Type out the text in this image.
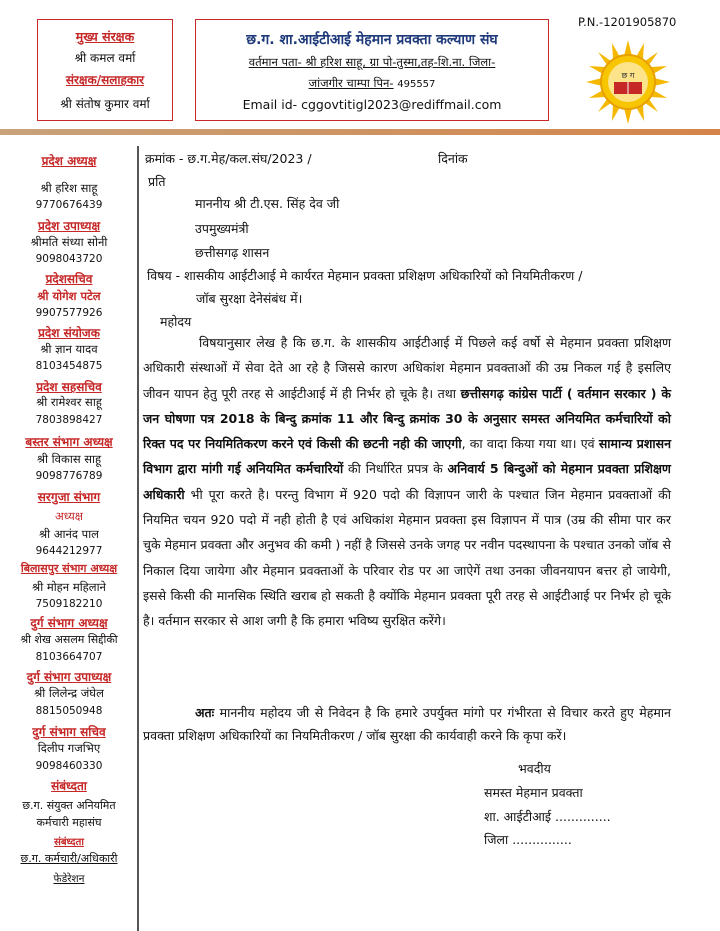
मुख्य संरक्षक
श्री कमल वर्मा
संरक्षक/सलाहकार
श्री संतोष कुमार वर्मा
छ.ग. शा.आईटीआई मेहमान प्रवक्ता कल्याण संघ
वर्तमान पता- श्री हरिश साहू, ग्रा पो-तुस्मा,तह-शि.ना. जिला-
जांजगीर चाम्पा पिन- 495557
Email id- cggovtitigl2023@rediffmail.com
P.N.-1201905870
छ ग
प्रदेश अध्यक्ष
श्री हरिश साहू
9770676439
प्रदेश उपाध्यक्ष
श्रीमति संध्या सोनी
9098043720
प्रदेशसचिव
श्री योगेश पटेल
9907577926
प्रदेश संयोजक
श्री ज्ञान यादव
8103454875
प्रदेश सहसचिव
श्री रामेश्वर साहू
7803898427
बस्तर संभाग अध्यक्ष
श्री विकास साहू
9098776789
सरगुजा संभाग
अध्यक्ष
श्री आनंद पाल
9644212977
बिलासपुर संभाग अध्यक्ष
श्री मोहन महिलाने
7509182210
दुर्ग संभाग अध्यक्ष
श्री शेख असलम सिद्दीकी
8103664707
दुर्ग संभाग उपाध्यक्ष
श्री लिलेन्द्र जंघेल
8815050948
दुर्ग संभाग सचिव
दिलीप गजभिए
9098460330
संबंध्दता
छ.ग. संयुक्त अनियमित
कर्मचारी महासंघ
संबंध्दता
छ.ग. कर्मचारी/अधिकारी
फेडेरेशन
क्रमांक - छ.ग.मेह/कल.संघ/2023 /	दिनांक
प्रति
माननीय श्री टी.एस. सिंह देव जी
उपमुख्यमंत्री
छत्तीसगढ़ शासन
विषय - शासकीय आईटीआई मे कार्यरत मेहमान प्रवक्ता प्रशिक्षण अधिकारियों को नियमितीकरण /
जॉब सुरक्षा देनेसंबंध में।
महोदय
विषयानुसार लेख है कि छ.ग. के शासकीय आईटीआई में पिछले कई वर्षो से मेहमान प्रवक्ता प्रशिक्षण अधिकारी संस्थाओं में सेवा देते आ रहे है जिससे कारण अधिकांश मेहमान प्रवक्ताओं की उम्र निकल गई है इसलिए जीवन यापन हेतु पूरी तरह से आईटीआई में ही निर्भर हो चूके है। तथा छत्तीसगढ़ कांग्रेस पार्टी ( वर्तमान सरकार ) के जन घोषणा पत्र 2018 के बिन्दु क्रमांक 11 और बिन्दु क्रमांक 30 के अनुसार समस्त अनियमित कर्मचारियों को रिक्त पद पर नियमितिकरण करने एवं किसी की छटनी नही की जाएगी, का वादा किया गया था। एवं सामान्य प्रशासन विभाग द्वारा मांगी गई अनियमित कर्मचारियों की निर्धारित प्रपत्र के अनिवार्य 5 बिन्दुओं को मेहमान प्रवक्ता प्रशिक्षण अधिकारी भी पूरा करते है। परन्तु विभाग में 920 पदो की विज्ञापन जारी के पश्चात जिन मेहमान प्रवक्ताओं की नियमित चयन 920 पदो में नही होती है एवं अधिकांश मेहमान प्रवक्ता इस विज्ञापन में पात्र (उम्र की सीमा पार कर चुके मेहमान प्रवक्ता और अनुभव की कमी ) नहीं है जिससे उनके जगह पर नवीन पदस्थापना के पश्चात उनको जॉब से निकाल दिया जायेगा और मेहमान प्रवक्ताओं के परिवार रोड पर आ जाऐगें तथा उनका जीवनयापन बत्तर हो जायेगी, इससे किसी की मानसिक स्थिति खराब हो सकती है क्योंकि मेहमान प्रवक्ता पूरी तरह से आईटीआई पर निर्भर हो चूके है। वर्तमान सरकार से आश जगी है कि हमारा भविष्य सुरक्षित करेंगे।
अतः माननीय महोदय जी से निवेदन है कि हमारे उपर्युक्त मांगो पर गंभीरता से विचार करते हुए मेहमान प्रवक्ता प्रशिक्षण अधिकारियों का नियमितीकरण / जॉब सुरक्षा की कार्यवाही करने कि कृपा करें।
भवदीय
समस्त मेहमान प्रवक्ता
शा. आईटीआई ..............
जिला ...............
